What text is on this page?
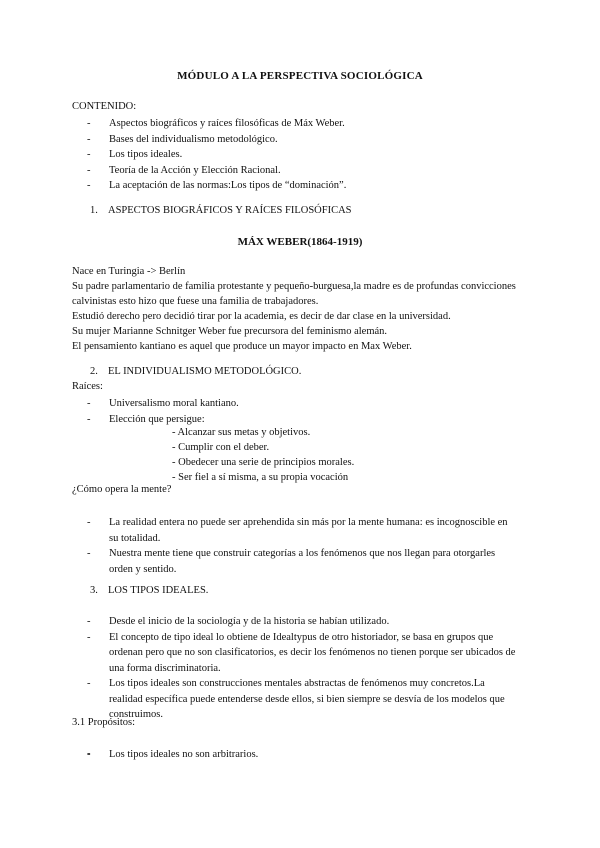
MÓDULO A LA PERSPECTIVA SOCIOLÓGICA
CONTENIDO:
- Aspectos biográficos y raíces filosóficas de Máx Weber.
- Bases del individualismo metodológico.
- Los tipos ideales.
- Teoría de la Acción y Elección Racional.
- La aceptación de las normas:Los tipos de “dominación”.
1. ASPECTOS BIOGRÁFICOS Y RAÍCES FILOSÓFICAS
MÁX WEBER(1864-1919)

Nace en Turingia -> Berlín

Su padre parlamentario de familia protestante y pequeño-burguesa,la madre es de profundas convicciones calvinistas esto hizo que fuese una familia de trabajadores.

Estudió derecho pero decidió tirar por la academia, es decir de dar clase en la universidad.

Su mujer Marianne Schnitger Weber fue precursora del feminismo alemán.

El pensamiento kantiano es aquel que produce un mayor impacto en Max Weber.

2. EL INDIVIDUALISMO METODOLÓGICO.
Raíces:
- Universalismo moral kantiano.
- Elección que persigue:
- Alcanzar sus metas y objetivos.
- Cumplir con el deber.
- Obedecer una serie de principios morales.
- Ser fiel a sí misma, a su propia vocación
¿Cómo opera la mente?
- La realidad entera no puede ser aprehendida sin más por la mente humana: es incognoscible en su totalidad.
- Nuestra mente tiene que construir categorías a los fenómenos que nos llegan para otorgarles orden y sentido.
3. LOS TIPOS IDEALES.
- Desde el inicio de la sociología y de la historia se habían utilizado.
- El concepto de tipo ideal lo obtiene de Idealtypus de otro historiador, se basa en grupos que ordenan pero que no son clasificatorios, es decir los fenómenos no tienen porque ser ubicados de una forma discriminatoria.
- Los tipos ideales son construcciones mentales abstractas de fenómenos muy concretos.La realidad específica puede entenderse desde ellos, si bien siempre se desvía de los modelos que construimos.
3.1 Propósitos:
- Los tipos ideales no son arbitrarios.
